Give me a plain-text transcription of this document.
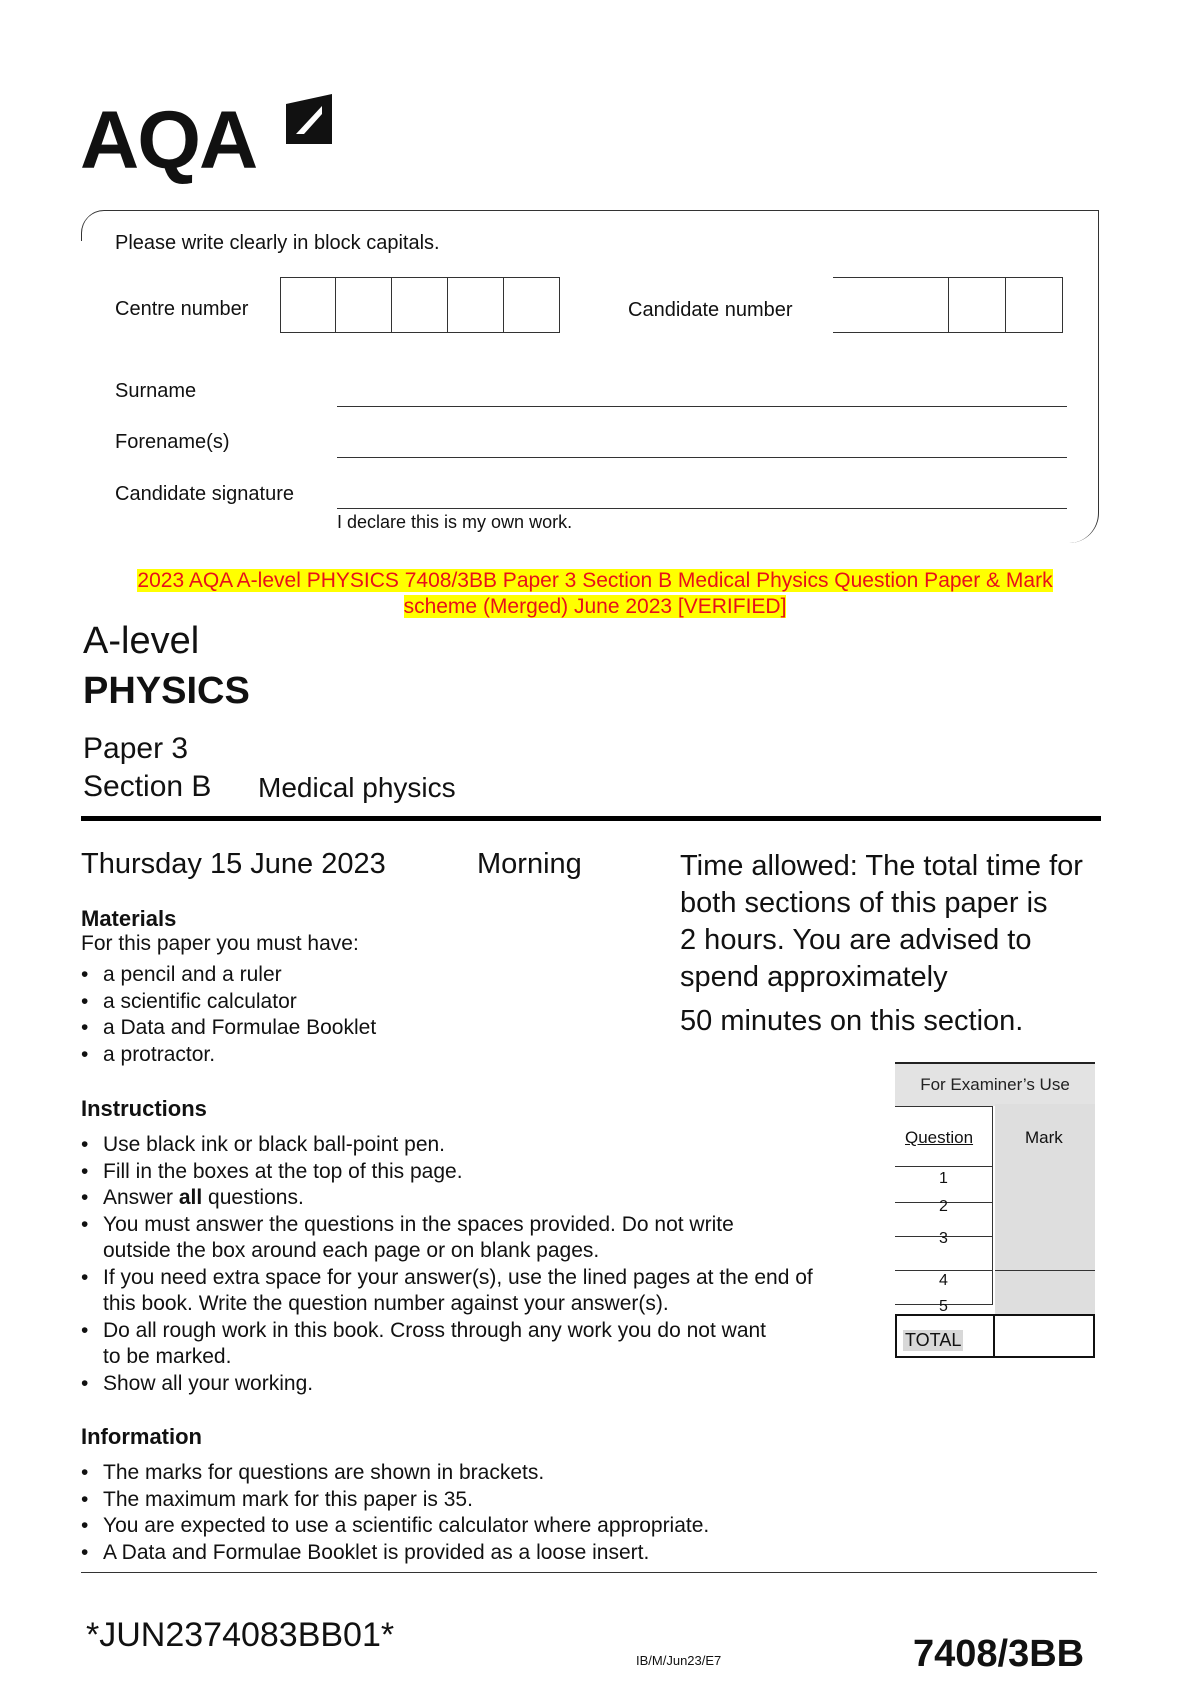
AQA
Please write clearly in block capitals.
Centre number	Candidate number
Surname
Forename(s)
Candidate signature
I declare this is my own work.
2023 AQA A-level PHYSICS 7408/3BB Paper 3 Section B Medical Physics Question Paper & Mark
scheme (Merged) June 2023 [VERIFIED]
A-level
PHYSICS
Paper 3
Section B Medical physics
Thursday 15 June 2023	Morning	Time allowed: The total time for
both sections of this paper is
2 hours. You are advised to
spend approximately
50 minutes on this section.
Materials
For this paper you must have:
• a pencil and a ruler
• a scientific calculator
• a Data and Formulae Booklet
• a protractor.
Instructions
• Use black ink or black ball-point pen.
• Fill in the boxes at the top of this page.
• Answer all questions.
• You must answer the questions in the spaces provided. Do not write
outside the box around each page or on blank pages.
• If you need extra space for your answer(s), use the lined pages at the end of
this book. Write the question number against your answer(s).
• Do all rough work in this book. Cross through any work you do not want
to be marked.
• Show all your working.
Information
• The marks for questions are shown in brackets.
• The maximum mark for this paper is 35.
• You are expected to use a scientific calculator where appropriate.
• A Data and Formulae Booklet is provided as a loose insert.
For Examiner’s Use
Question	Mark
1
2
3
4
5
TOTAL
*JUN2374083BB01*
IB/M/Jun23/E7	7408/3BB
